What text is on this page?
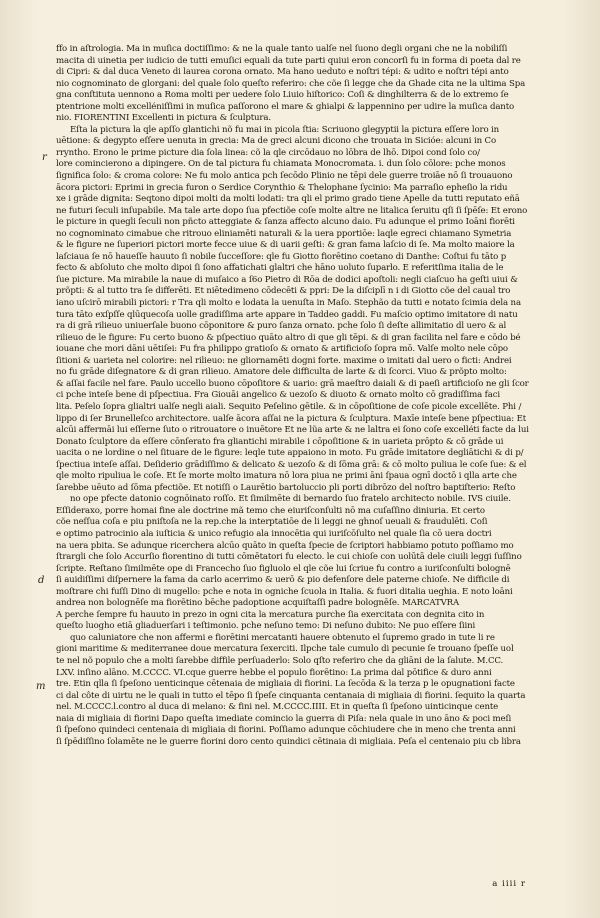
ffo in aſtrologia. Ma in muſica doctiſſimo: & ne la quale tanto ualſe nel ſuono degli organi che ne la nobiliſſi
macita di uinetia per iudicio de tutti emuſici equali da tute parti quiui eron concorſi fu in forma di poeta dal re
di Cipri: & dal duca Veneto di laurea corona ornato. Ma hano ueduto e noſtri tépi: & udito e noſtri tépi anto
nio cognominato de glorgani: del quale ſolo queſto referiro: che cõe ſi legge che da Ghade cita ne la ultima Spa
gna conſtituta uennono a Roma molti per uedere ſolo Liuio hiſtorico: Coſi & dinghilterra & de lo extremo ſe
ptentrione molti excelléniſſimi in muſica paſſorono el mare & ghialpi & lappennino per udire la muſica danto
nio. FIORENTINI Excellenti in pictura & ſculptura.
Eſta la pictura la qle apſſo glantichi nõ fu mai in picola ſtia: Scriuono glegyptii la pictura eſſere loro in
uētione: & degypto eſſere uenuta in grecia: Ma de greci alcuni dicono che trouata in Sicióe: alcuni in Co
rryntho. Erono le prime picture dia ſola linea: cõ la qle circōdauo no lōbra de lhō. Dipoi cond ſolo co/
lore comincierono a dipingere. On de tal pictura fu chiamata Monocromata. i. dun ſolo cōlore: pche monos
ſignifica ſolo: & croma colore: Ne fu molo antica pch ſecōdo Plinio ne tēpi dele guerre troiāe nō ſi trouauono
ācora pictori: Eprimi in grecia furon o Serdice Corynthio & Thelophane ſycinio: Ma parraſio epheſio la ridu
xe i grāde dignita: Seqtono dipoi molti da molti lodati: tra qli el primo grado tiene Apelle da tutti reputato eñā
ne futuri ſeculi inſupabile. Ma tale arte dopo ſua pfectiõe coſe molte altre ne litalica ſeruitu qſi ſi ſpēſe: Et erono
le picture in quegli ſeculi non pñcto atteggiate & ſanza affecto alcuno daio. Fu adunque el primo Ioāni fiorēti
no cognominato cimabue che ritrouo eliniamēti naturali & la uera pportiōe: laqle egreci chiamano Symetria
& le figure ne ſuperiori pictori morte fecce uiue & di uarii geſti: & gran fama laſcio di ſe. Ma molto maiore la
laſciaua ſe nō haueſſe hauuto ſi nobile ſucceſſore: qle fu Giotto fiorētino coetano di Danthe: Coſtui fu tāto p
fecto & abſoluto che molto dipoi ſi ſono affatichati glaltri che hāno uoluto ſuparlo. E referitſima italia de le
ſue picture. Ma mirabile la naue di muſaico a ſ6o Pietro di Rōa de dodici apoſtoli: negli ciaſcuo ha geſti uiui &
prõpti: & al tutto tra ſe differēti. Et niētedimeno cōdecēti & ppri: De la diſciplī n i di Giotto cõe del caual tro
iano uſcirō mirabili pictori: r Tra qli molto e lodata la uenuſta in Maſo. Stephão da tutti e notato ſcimia dela na
tura tāto exſpſſe qlūquecoſa uolle gradiſſima arte appare in Taddeo gaddi. Fu maſcio optimo imitatore di natu
ra di grā rilieuo uniuerſale buono cōponitore & puro ſanza ornato. pche ſolo ſi deſte allimitatio dl uero & al
rilieuo de le figure: Fu certo buono & pſpectiuo quāto altro di que gli tēpi. & di gran facilita nel fare e cōdo bé
iouane che mori dāni uētiſei: Fu fra philippo gratioſo & ornato & artificioſo ſopra mō. Valſe molto nele cōpo
ſitioni & uarieta nel colorire: nel rilieuo: ne gliornamēti dogni forte. maxime o imitati dal uero o ficti: Andrei
no fu grāde diſegnatore & di gran rilieuo. Amatore dele difficulta de larte & di ſcorci. Viuo & prõpto molto:
& aſſai facile nel fare. Paulo uccello buono cōpoſitore & uario: grā maeſtro daiali & di paeſi artificioſo ne gli ſcor
ci pche inteſe bene di pſpectiua. Fra Giouāi angelico & uezoſo & diuoto & ornato molto cō gradiſſima faci
lita. Peſelo ſopra glialtri ualſe negli aiali. Sequito Peſelino gētile. & in cōpoſitione de coſe picole excellēte. Phi /
lippo di ſer Brunelleſco architectore. ualſe ācora aſſai ne la pictura & ſculptura. Maxīe inteſe bene pſpectiua: Et
alcūi affermāi lui eſſerne ſuto o ritrouatore o inuētore Et ne lũa arte & ne laltra ei ſono coſe excelléti facte da lui
Donato ſculptore da eſſere cōnſerato fra gliantichi mirabile i cōpoſitione & in uarieta prōpto & cō grāde ui
uacita o ne lordine o nel ſituare de le figure: leqle tute appaiono in moto. Fu grāde imitatore degliātichi & di p/
ſpectiua inteſe aſſai. Deſiderio grādiſſimo & delicato & uezoſo & di ſōma grā: & cō molto puliua le coſe ſue: & el
qle molto ripuliua le coſe. Et ſe morte molto imatura nō lora piua ne primi āni ſpaua ognī doctō i qlla arte che
ſarebbe uēuto ad ſōma pfectiõe. Et notiſſi o Laurētio bartoluccio pli porti dibrōzo del noſtro baptiſterio: Reſto
no ope pfecte datonio cognōinato roſſo. Et ſimilmēte di bernardo ſuo fratelo architecto nobile. IVS ciuile.
Eſſideraxo, porre homai fine ale doctrine mã temo che eiuriſconſulti nō ma cuſaſſino diniuria. Et certo
cõe neſſua coſa e piu pniſtoſa ne la rep.che la interptatiōe de li leggi ne ghnoſ ueuali & fraudulēti. Coſi
e optimo patrocinio ala iuſticia & unico refugio ala innocētia qui iuriſcōſulto nel quale ſia cō uera doctri
na uera pbita. Se adunque ricerchera alcūo quāto in queſta ſpecie de ſcriptori habbiamo potuto poſſiamo mo
ſtrargli che ſolo Accurſio fiorentino di tutti cōmētatori fu electo. le cui chioſe con uolūtā dele ciuili leggi ſuſſino
ſcripte. Reſtano ſimilmēte ope di Francecho ſuo figluolo el qle cõe lui ſcriue fu contro a iuriſconſulti bolognē
ſi auidiſſimi diſpernere la fama da carlo acerrimo & uerō & pio defenſore dele paterne chioſe. Ne difficile di
moſtrare chi fuſſi Dino di mugello: pche e nota in ogniche ſcuola in Italia. & fuori ditalia ueghia. E noto loāni
andrea non bolognēſe ma fiorētino bēche padoptione acquiſtaſſi padre bolognēſe. MARCATVRA
A perche ſempre fu hauuto in prezo in ogni cita la mercatura purche ſia exercitata con degnita cito in
queſto luogho etiā gliaduerſari i teſtimonio. pche neſuno temo: Di neſuno dubito: Ne puo eſſere ſiini
quo caluniatore che non affermi e fiorētini mercatanti hauere obtenuto el ſupremo grado in tute li re
gioni maritime & mediterranee doue mercatura ſexerciti. Ilpche tale cumulo di pecunie ſe trouano ſpeſſe uol
te nel nõ populo che a molti ſarebbe diffile perſuaderlo: Solo qſto referiro che da gliāni de la ſalute. M.CC.
LXV. inſino alāno. M.CCCC. VI.cque guerre hebbe el populo fiorētino: La prima dal pōtifice & duro anni
tre. Etin qlla ſi ſpeſono uenticinque cētenaia de migliaia di fiorini. La ſecōda & la terza p le opugnationi facte
ci dal côte di uirtu ne le quali in tutto el tēpo ſi ſpeſe cinquanta centanaia di migliaia di fiorini. ſequito la quarta
nel. M.CCCC.l.contro al duca di melano: & fini nel. M.CCCC.IIII. Et in queſta ſi ſpeſono uinticinque cente
naia di migliaia di fiorini Dapo queſta imediate comincio la guerra di Piſa: nela quale in uno āno & poci meſi
ſi ſpeſono quindeci centenaia di migliaia di fiorini. Poſſiamo adunque cōchiudere che in meno che trenta anni
ſi ſpēdiſſino ſolamēte ne le guerre fiorini doro cento quindici cētinaia di migliaia. Peſa el centenaio piu cb libra
r
d
m
a iiii r
